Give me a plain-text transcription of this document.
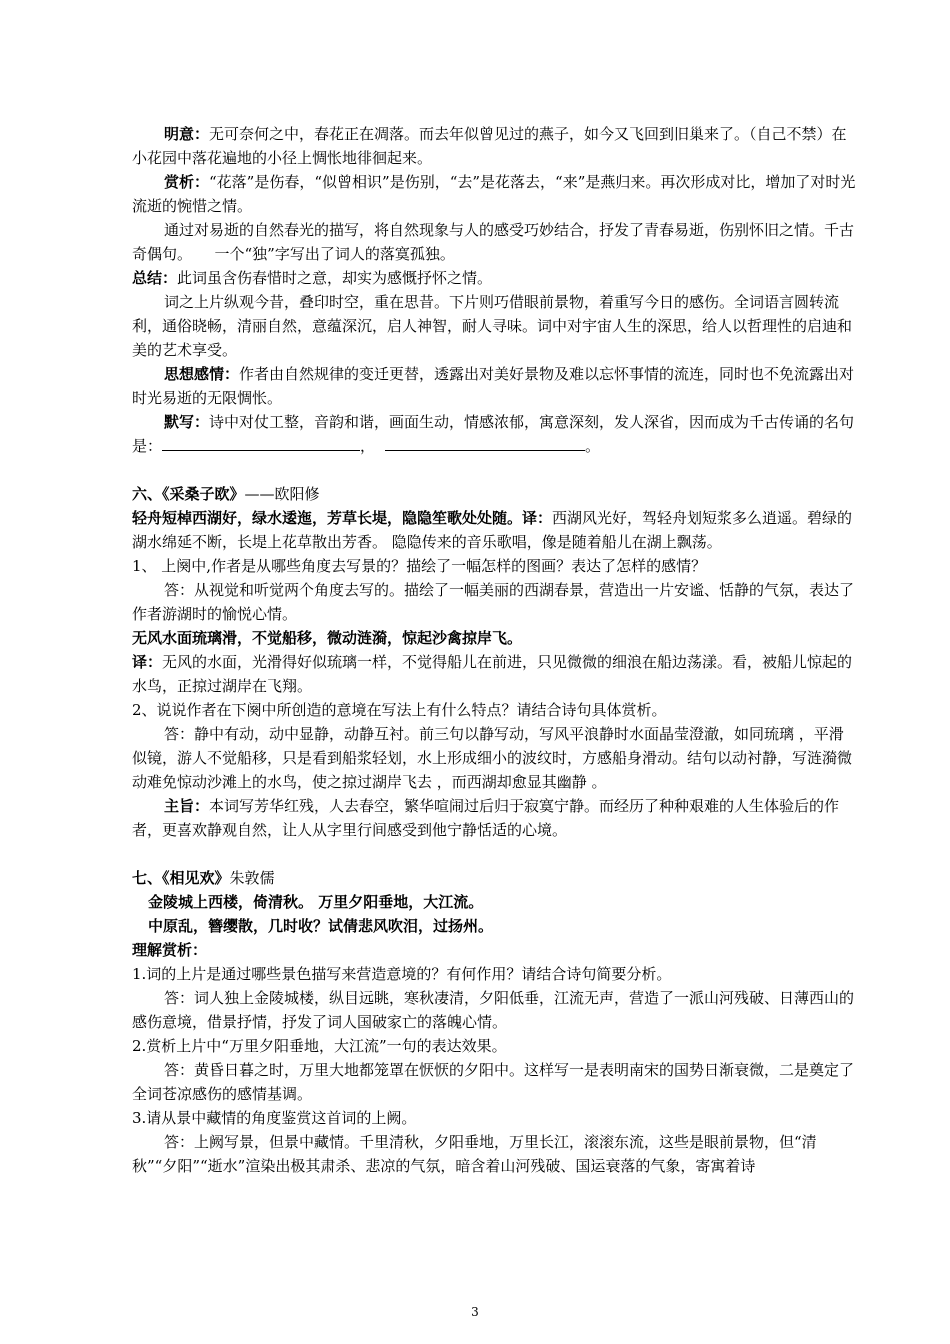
明意：无可奈何之中，春花正在凋落。而去年似曾见过的燕子，如今又飞回到旧巢来了。（自己不禁）在小花园中落花遍地的小径上惆怅地徘徊起来。

赏析：“花落”是伤春，“似曾相识”是伤别，“去”是花落去，“来”是燕归来。再次形成对比，增加了对时光流逝的惋惜之情。

通过对易逝的自然春光的描写，将自然现象与人的感受巧妙结合，抒发了青春易逝，伤别怀旧之情。千古奇偶句。　　一个“独”字写出了词人的落寞孤独。

总结：此词虽含伤春惜时之意，却实为感慨抒怀之情。

词之上片纵观今昔，叠印时空，重在思昔。下片则巧借眼前景物，着重写今日的感伤。全词语言圆转流利，通俗晓畅，清丽自然，意蕴深沉，启人神智，耐人寻味。词中对宇宙人生的深思，给人以哲理性的启迪和美的艺术享受。

思想感情：作者由自然规律的变迁更替，透露出对美好景物及难以忘怀事情的流连，同时也不免流露出对时光易逝的无限惆怅。

默写：诗中对仗工整，音韵和谐，画面生动，情感浓郁，寓意深刻，发人深省，因而成为千古传诵的名句是：	，	。

六、《采桑子欧》——欧阳修

轻舟短棹西湖好，绿水逶迤，芳草长堤，隐隐笙歌处处随。译：西湖风光好，驾轻舟划短浆多么逍遥。碧绿的湖水绵延不断，长堤上花草散出芳香。 隐隐传来的音乐歌唱，像是随着船儿在湖上飘荡。

1、 上阕中,作者是从哪些角度去写景的？描绘了一幅怎样的图画？表达了怎样的感情？

答：从视觉和听觉两个角度去写的。描绘了一幅美丽的西湖春景，营造出一片安谧、恬静的气氛，表达了作者游湖时的愉悦心情。

无风水面琉璃滑，不觉船移，微动涟漪，惊起沙禽掠岸飞。

译：无风的水面，光滑得好似琉璃一样，不觉得船儿在前进，只见微微的细浪在船边荡漾。看，被船儿惊起的水鸟，正掠过湖岸在飞翔。

2、说说作者在下阕中所创造的意境在写法上有什么特点？请结合诗句具体赏析。

答：静中有动，动中显静，动静互衬。前三句以静写动，写风平浪静时水面晶莹澄澈，如同琉璃 ，平滑似镜，游人不觉船移，只是看到船浆轻划，水上形成细小的波纹时，方感船身滑动。结句以动衬静，写涟漪微动难免惊动沙滩上的水鸟，使之掠过湖岸飞去 ，而西湖却愈显其幽静 。

主旨：本词写芳华红残，人去春空，繁华喧闹过后归于寂寞宁静。而经历了种种艰难的人生体验后的作者，更喜欢静观自然，让人从字里行间感受到他宁静恬适的心境。

七、《相见欢》朱敦儒

金陵城上西楼，倚清秋。 万里夕阳垂地，大江流。

中原乱，簪缨散，几时收？试倩悲风吹泪，过扬州。

理解赏析：

1.词的上片是通过哪些景色描写来营造意境的？有何作用？请结合诗句简要分析。

答：词人独上金陵城楼，纵目远眺，寒秋凄清，夕阳低垂，江流无声，营造了一派山河残破、日薄西山的感伤意境，借景抒情，抒发了词人国破家亡的落魄心情。

2.赏析上片中“万里夕阳垂地，大江流”一句的表达效果。

答：黄昏日暮之时，万里大地都笼罩在恹恹的夕阳中。这样写一是表明南宋的国势日渐衰微，二是奠定了全词苍凉感伤的感情基调。

3.请从景中藏情的角度鉴赏这首词的上阙。

答：上阙写景，但景中藏情。千里清秋，夕阳垂地，万里长江，滚滚东流，这些是眼前景物，但“清秋”“夕阳”“逝水”渲染出极其肃杀、悲凉的气氛，暗含着山河残破、国运衰落的气象，寄寓着诗

3
